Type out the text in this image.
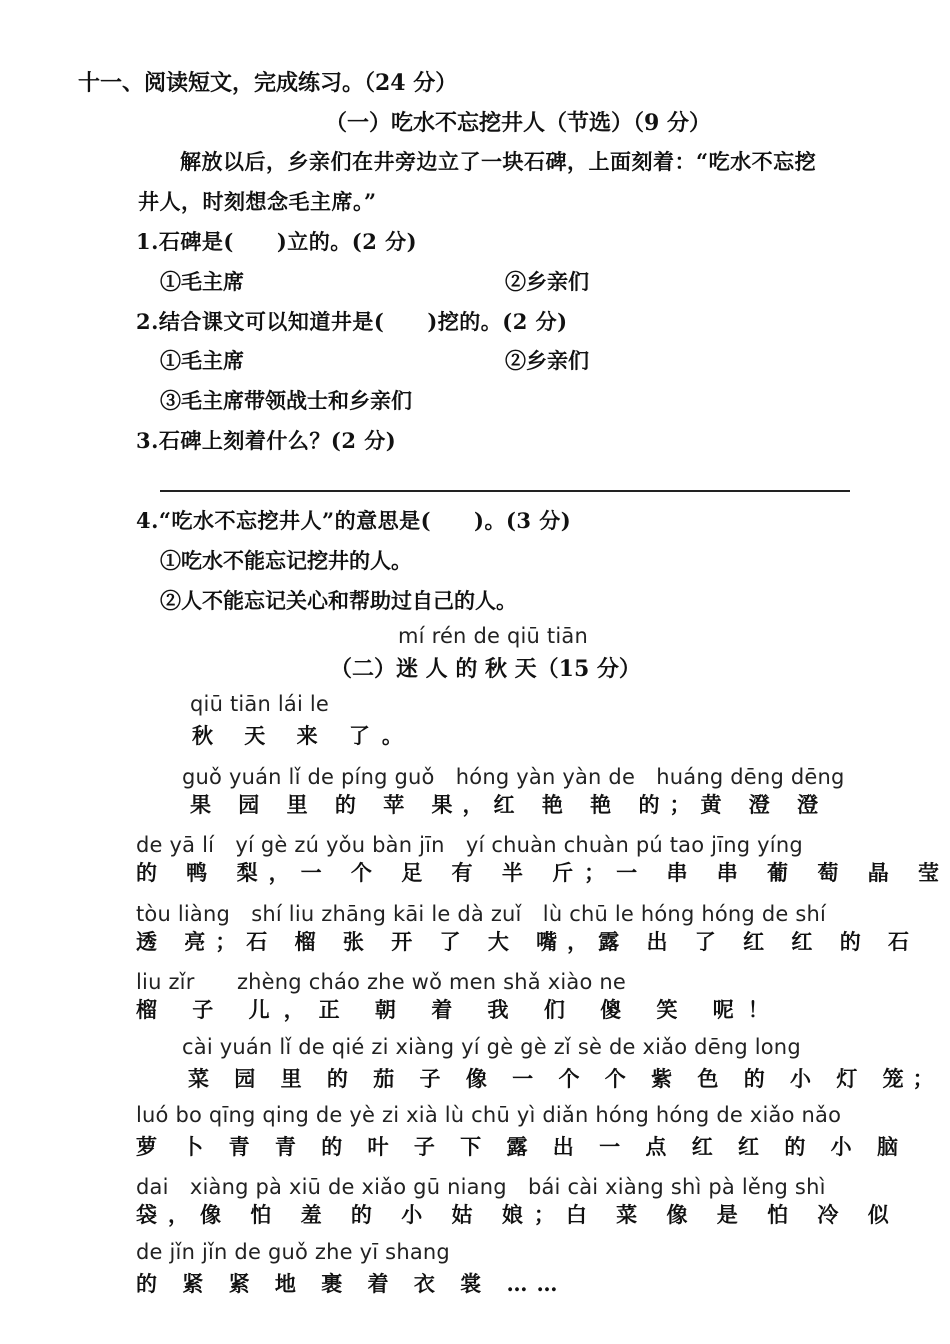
十一、阅读短文，完成练习。（24 分）
（一）吃水不忘挖井人（节选）（9 分）
解放以后，乡亲们在井旁边立了一块石碑，上面刻着：“吃水不忘挖
井人，时刻想念毛主席。”
1.石碑是(　　)立的。(2 分)
①毛主席	②乡亲们
2.结合课文可以知道井是(　　)挖的。(2 分)
①毛主席	②乡亲们
③毛主席带领战士和乡亲们
3.石碑上刻着什么？(2 分)
4.“吃水不忘挖井人”的意思是(　　)。(3 分)
①吃水不能忘记挖井的人。
②人不能忘记关心和帮助过自己的人。
mí rén de qiū tiān
（二）迷 人 的 秋 天（15 分）
qiū tiān lái le
秋 天 来 了。
guǒ yuán lǐ de píng guǒ　hóng yàn yàn de　huáng dēng dēng
果 园 里 的 苹 果，红 艳 艳 的；黄 澄 澄
de yā lí　yí gè zú yǒu bàn jīn　yí chuàn chuàn pú tao jīng yíng
的 鸭 梨，一 个 足 有 半 斤；一 串 串 葡 萄 晶 莹
tòu liàng　shí liu zhāng kāi le dà zuǐ　lù chū le hóng hóng de shí
透 亮；石 榴 张 开 了 大 嘴，露 出 了 红 红 的 石
liu zǐr　　zhèng cháo zhe wǒ men shǎ xiào ne
榴 子 儿，正 朝 着 我 们 傻 笑 呢！
cài yuán lǐ de qié zi xiàng yí gè gè zǐ sè de xiǎo dēng long
菜 园 里 的 茄 子 像 一 个 个 紫 色 的 小 灯 笼；
luó bo qīng qing de yè zi xià lù chū yì diǎn hóng hóng de xiǎo nǎo
萝 卜 青 青 的 叶 子 下 露 出 一 点 红 红 的 小 脑
dai　xiàng pà xiū de xiǎo gū niang　bái cài xiàng shì pà lěng shì
袋，像 怕 羞 的 小 姑 娘；白 菜 像 是 怕 冷 似
de jǐn jǐn de guǒ zhe yī shang
的 紧 紧 地 裹 着 衣 裳 ……
